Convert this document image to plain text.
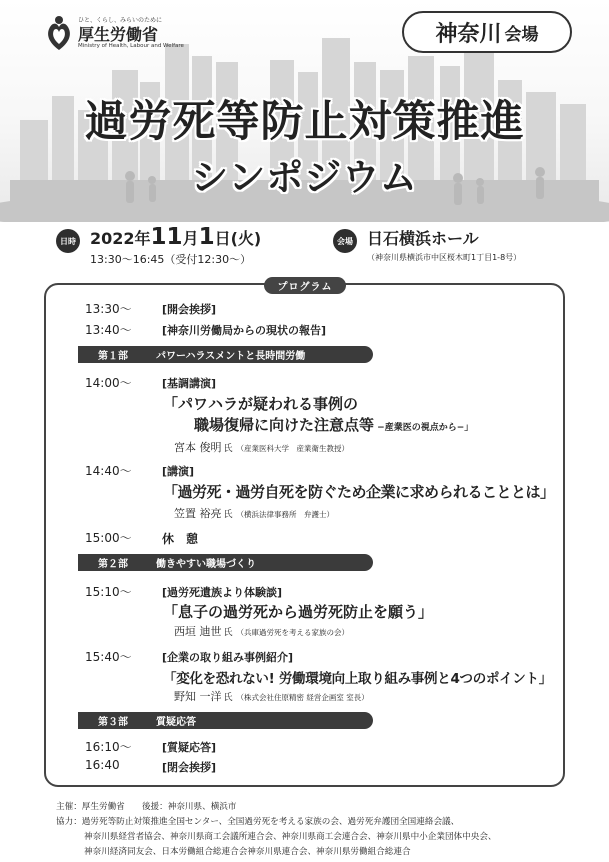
ひと、くらし、みらいのために
厚生労働省
Ministry of Health, Labour and Welfare	神奈川 会場
過労死等防止対策推進
シンポジウム
日時 2022年11月1日(火)
13:30～16:45（受付12:30～）
会場 日石横浜ホール
（神奈川県横浜市中区桜木町1丁目1-8号）
プログラム
13:30～	[開会挨拶]
13:40～	[神奈川労働局からの現状の報告]
第１部	パワーハラスメントと長時間労働
14:00～	[基調講演]
「パワハラが疑われる事例の
職場復帰に向けた注意点等 −産業医の視点から−」
宮本 俊明 氏 （産業医科大学　産業衛生教授）
14:40～	[講演]
「過労死・過労自死を防ぐため企業に求められることとは」
笠置 裕亮 氏 （横浜法律事務所　弁護士）
15:00～	休　憩
第２部	働きやすい職場づくり
15:10～	[過労死遺族より体験談]
「息子の過労死から過労死防止を願う」
西垣 迪世 氏 （兵庫過労死を考える家族の会）
15:40～	[企業の取り組み事例紹介]
「変化を恐れない! 労働環境向上取り組み事例と4つのポイント」
野知 一洋 氏 （株式会社住原精密 経営企画室 室長）
第３部	質疑応答
16:10～	[質疑応答]
16:40	[閉会挨拶]
主催：厚生労働省　　後援：神奈川県、横浜市
協力：過労死等防止対策推進全国センター、全国過労死を考える家族の会、過労死弁護団全国連絡会議、
神奈川県経営者協会、神奈川県商工会議所連合会、神奈川県商工会連合会、神奈川県中小企業団体中央会、
神奈川経済同友会、日本労働組合総連合会神奈川県連合会、神奈川県労働組合総連合
